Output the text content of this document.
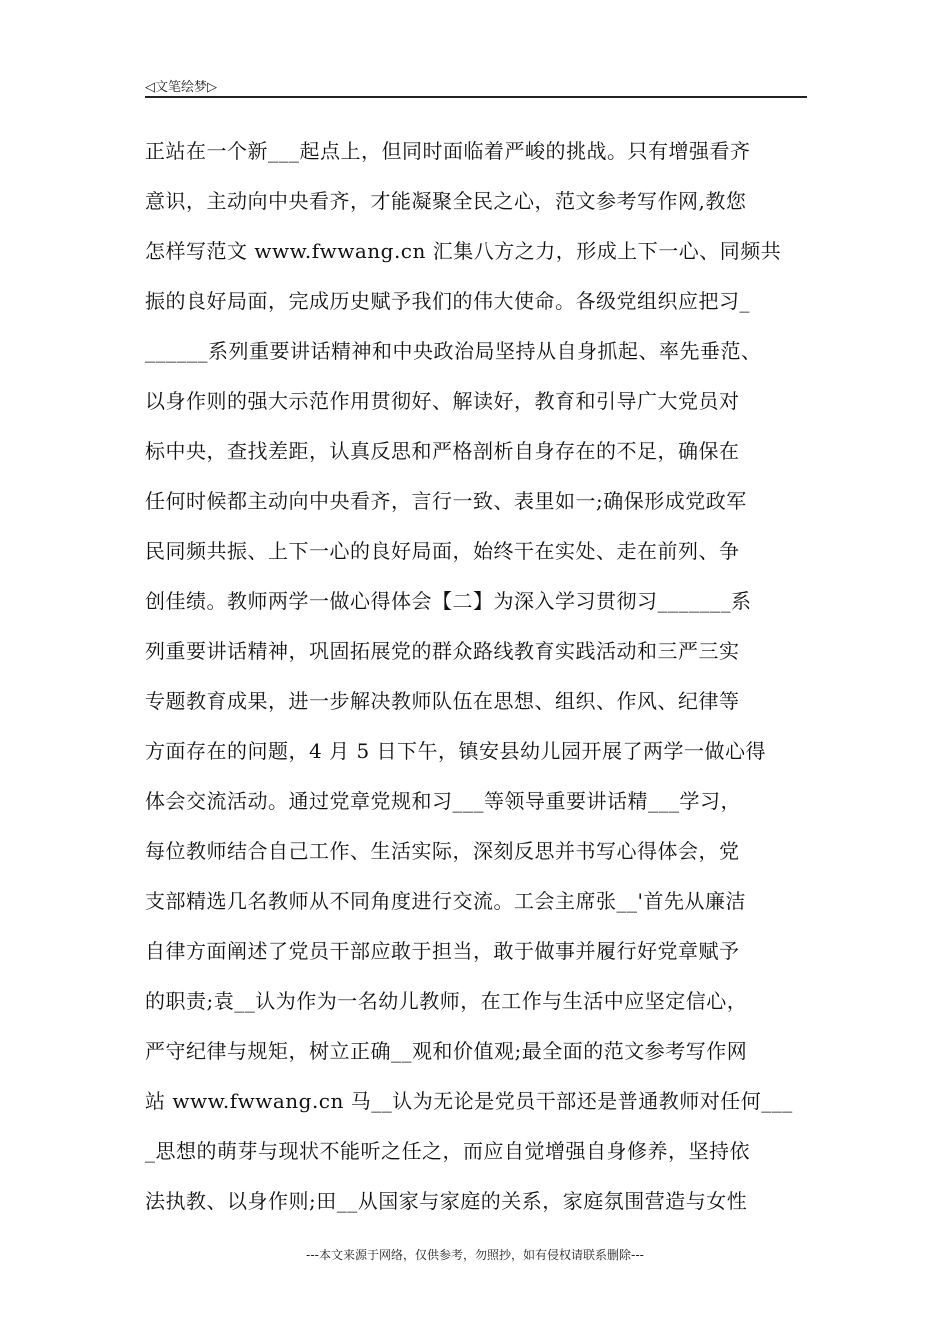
◁文笔绘梦▷
正站在一个新___起点上，但同时面临着严峻的挑战。只有增强看齐
意识，主动向中央看齐，才能凝聚全民之心，范文参考写作网,教您
怎样写范文 www.fwwang.cn 汇集八方之力，形成上下一心、同频共
振的良好局面，完成历史赋予我们的伟大使命。各级党组织应把习_
______系列重要讲话精神和中央政治局坚持从自身抓起、率先垂范、
以身作则的强大示范作用贯彻好、解读好，教育和引导广大党员对
标中央，查找差距，认真反思和严格剖析自身存在的不足，确保在
任何时候都主动向中央看齐，言行一致、表里如一;确保形成党政军
民同频共振、上下一心的良好局面，始终干在实处、走在前列、争
创佳绩。教师两学一做心得体会【二】为深入学习贯彻习_______系
列重要讲话精神，巩固拓展党的群众路线教育实践活动和三严三实
专题教育成果，进一步解决教师队伍在思想、组织、作风、纪律等
方面存在的问题，4 月 5 日下午，镇安县幼儿园开展了两学一做心得
体会交流活动。通过党章党规和习___等领导重要讲话精___学习，
每位教师结合自己工作、生活实际，深刻反思并书写心得体会，党
支部精选几名教师从不同角度进行交流。工会主席张__'首先从廉洁
自律方面阐述了党员干部应敢于担当，敢于做事并履行好党章赋予
的职责;袁__认为作为一名幼儿教师，在工作与生活中应坚定信心，
严守纪律与规矩，树立正确__观和价值观;最全面的范文参考写作网
站 www.fwwang.cn 马__认为无论是党员干部还是普通教师对任何___
_思想的萌芽与现状不能听之任之，而应自觉增强自身修养，坚持依
法执教、以身作则;田__从国家与家庭的关系，家庭氛围营造与女性
---本文来源于网络，仅供参考，勿照抄，如有侵权请联系删除---
